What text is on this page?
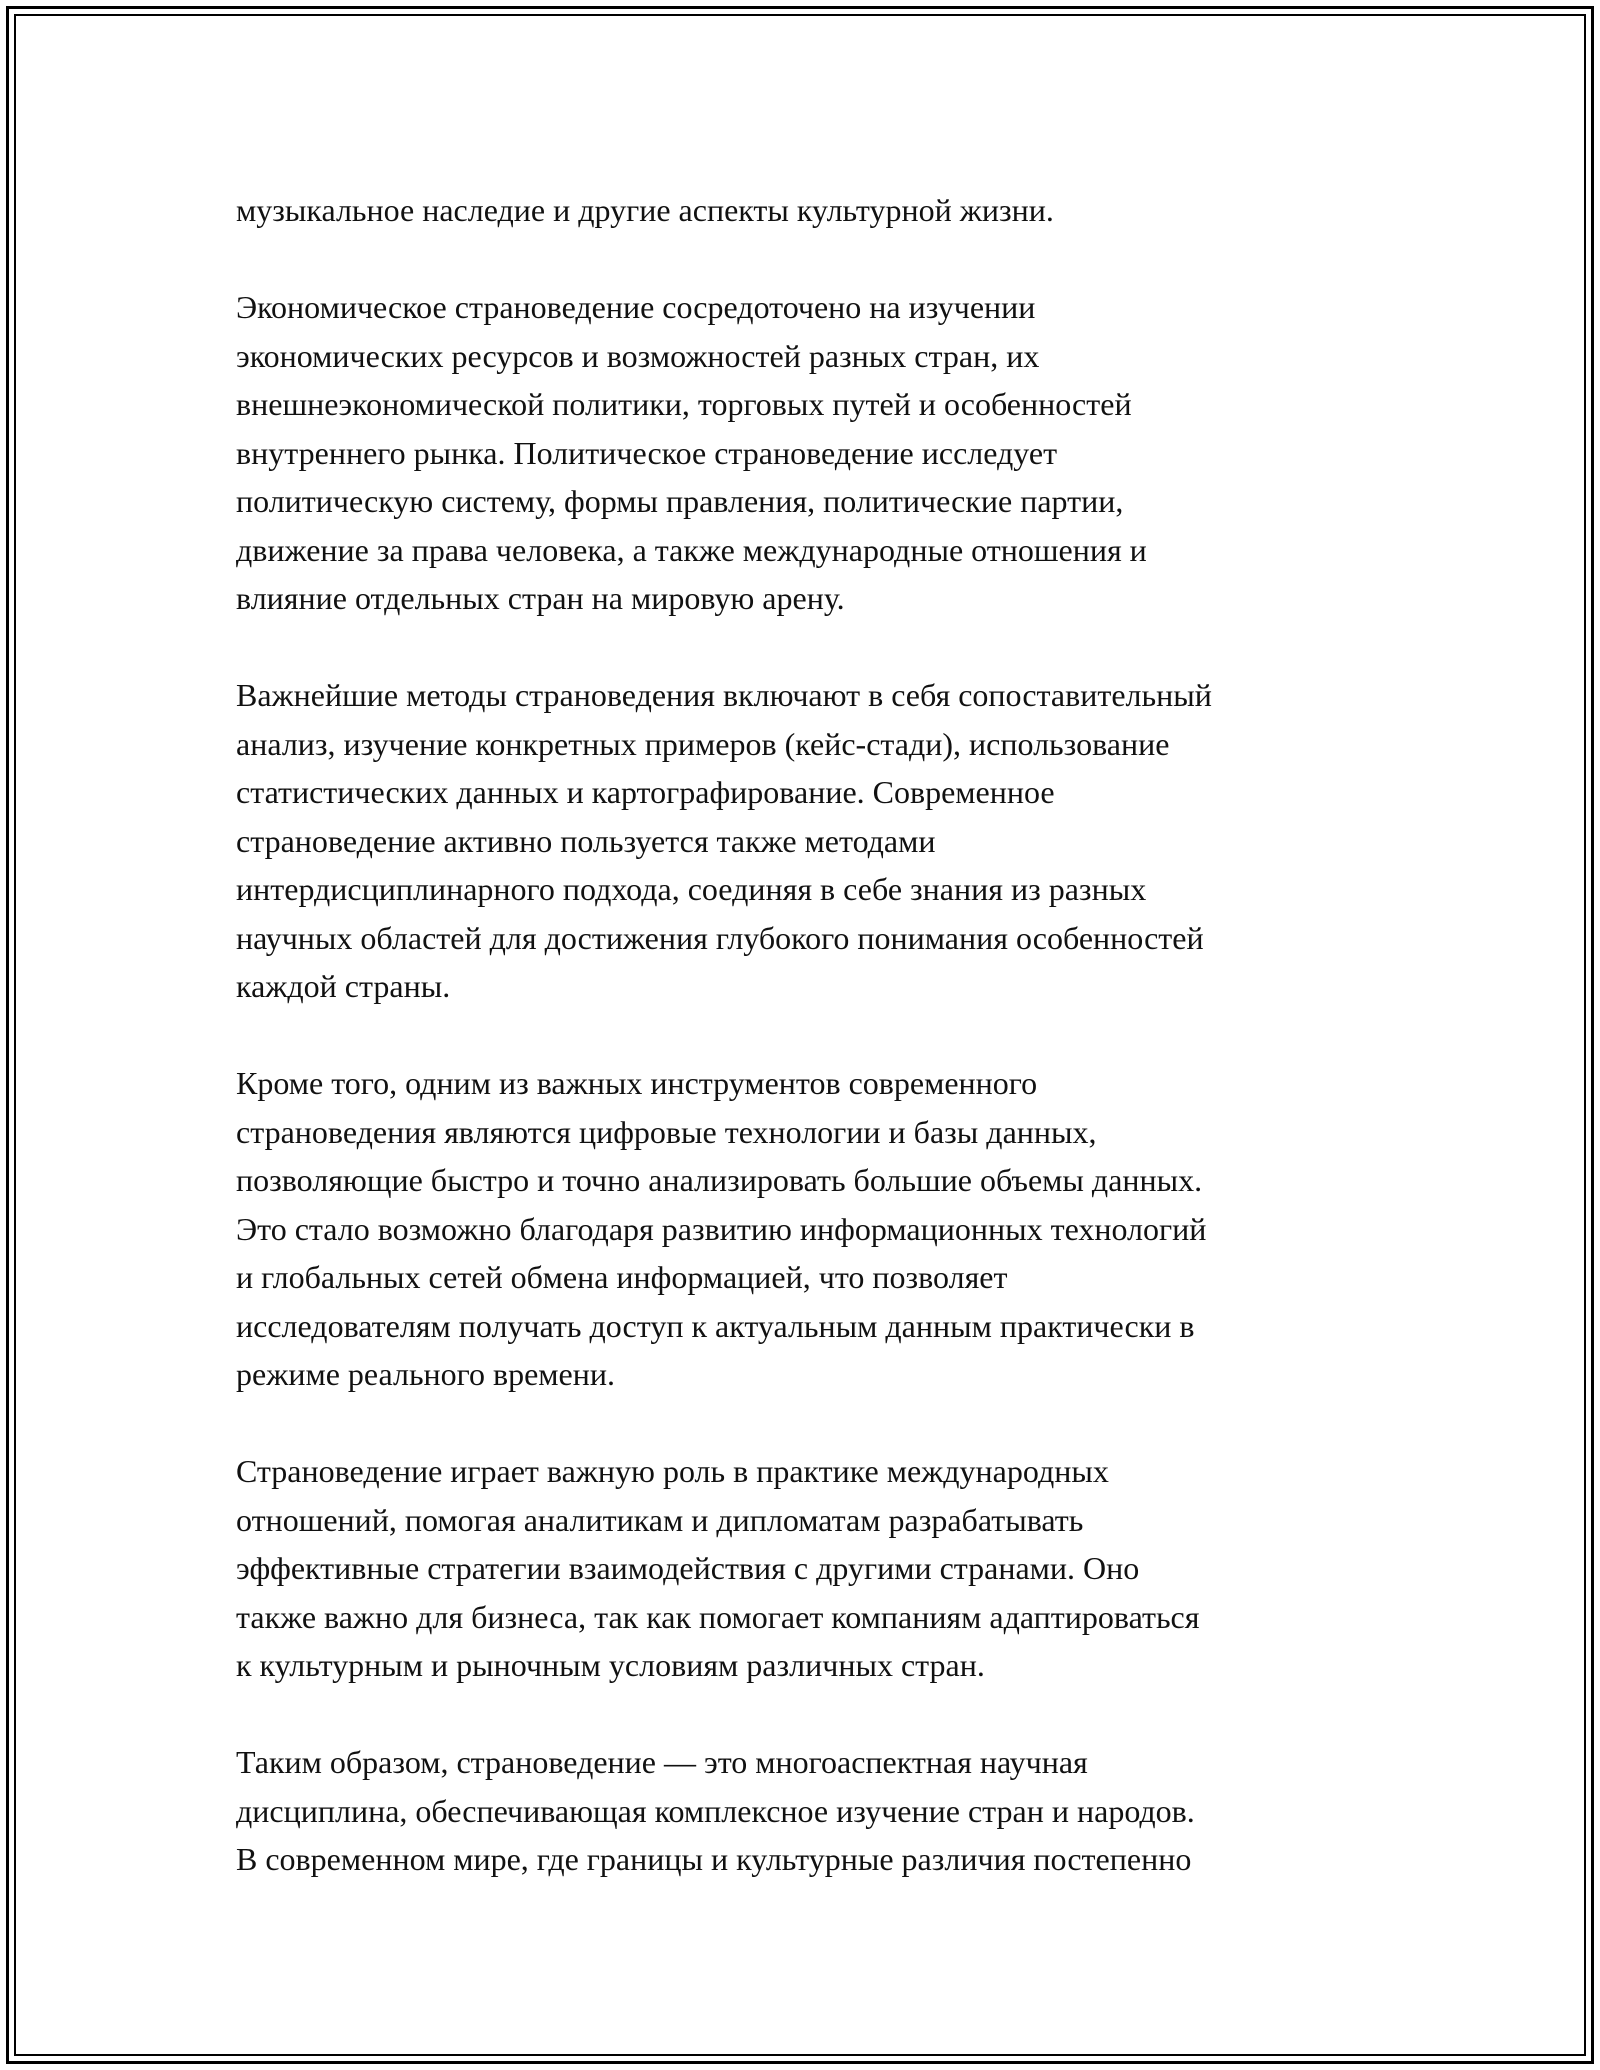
музыкальное наследие и другие аспекты культурной жизни.
Экономическое страноведение сосредоточено на изучении
экономических ресурсов и возможностей разных стран, их
внешнеэкономической политики, торговых путей и особенностей
внутреннего рынка. Политическое страноведение исследует
политическую систему, формы правления, политические партии,
движение за права человека, а также международные отношения и
влияние отдельных стран на мировую арену.
Важнейшие методы страноведения включают в себя сопоставительный
анализ, изучение конкретных примеров (кейс-стади), использование
статистических данных и картографирование. Современное
страноведение активно пользуется также методами
интердисциплинарного подхода, соединяя в себе знания из разных
научных областей для достижения глубокого понимания особенностей
каждой страны.
Кроме того, одним из важных инструментов современного
страноведения являются цифровые технологии и базы данных,
позволяющие быстро и точно анализировать большие объемы данных.
Это стало возможно благодаря развитию информационных технологий
и глобальных сетей обмена информацией, что позволяет
исследователям получать доступ к актуальным данным практически в
режиме реального времени.
Страноведение играет важную роль в практике международных
отношений, помогая аналитикам и дипломатам разрабатывать
эффективные стратегии взаимодействия с другими странами. Оно
также важно для бизнеса, так как помогает компаниям адаптироваться
к культурным и рыночным условиям различных стран.
Таким образом, страноведение — это многоаспектная научная
дисциплина, обеспечивающая комплексное изучение стран и народов.
В современном мире, где границы и культурные различия постепенно
